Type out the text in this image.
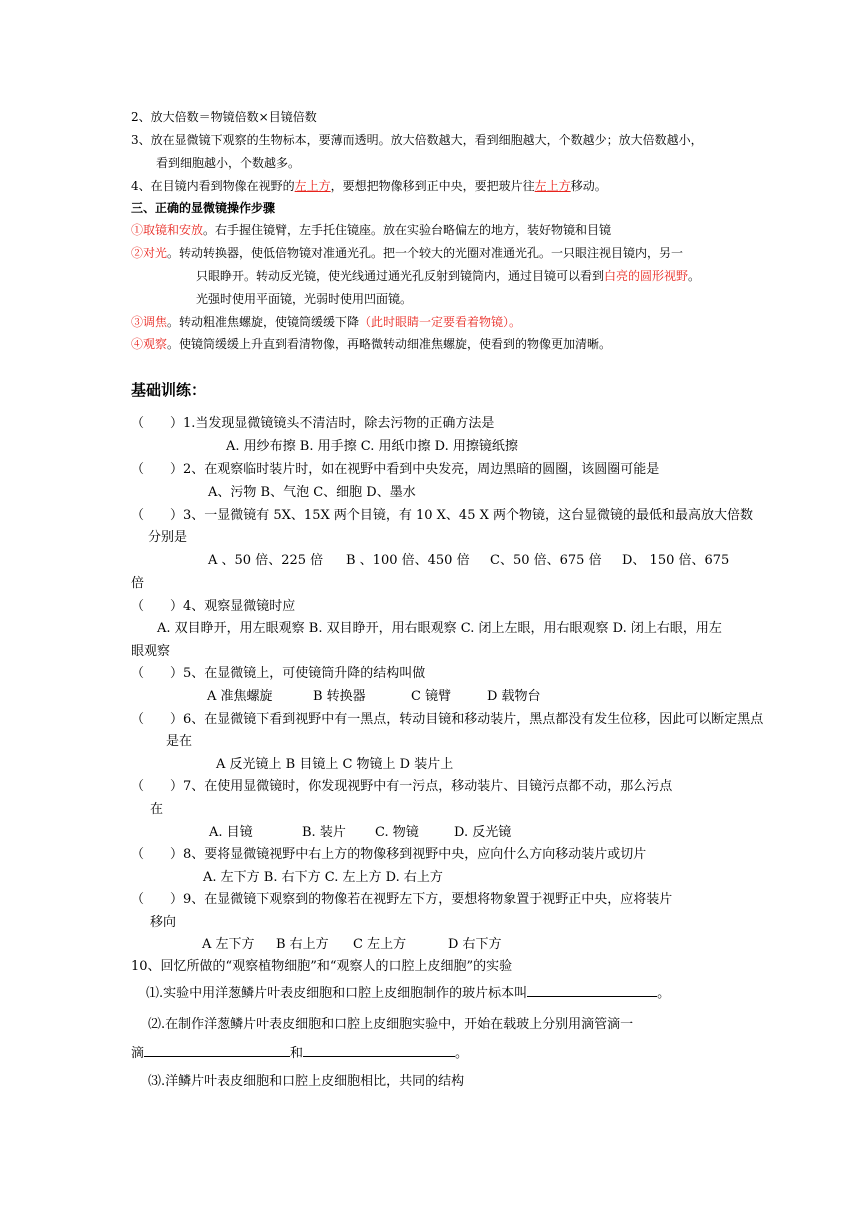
2、放大倍数＝物镜倍数×目镜倍数
3、放在显微镜下观察的生物标本，要薄而透明。放大倍数越大，看到细胞越大，个数越少；放大倍数越小，
看到细胞越小，个数越多。
4、在目镜内看到物像在视野的左上方，要想把物像移到正中央，要把玻片往左上方移动。
三、正确的显微镜操作步骤
①取镜和安放。右手握住镜臂，左手托住镜座。放在实验台略偏左的地方，装好物镜和目镜
②对光。转动转换器，使低倍物镜对准通光孔。把一个较大的光圈对准通光孔。一只眼注视目镜内，另一
只眼睁开。转动反光镜，使光线通过通光孔反射到镜筒内，通过目镜可以看到白亮的圆形视野。
光强时使用平面镜，光弱时使用凹面镜。
③调焦。转动粗准焦螺旋，使镜筒缓缓下降（此时眼睛一定要看着物镜）。
④观察。使镜筒缓缓上升直到看清物像，再略微转动细准焦螺旋，使看到的物像更加清晰。
基础训练：
（　　）1.当发现显微镜镜头不清洁时，除去污物的正确方法是
A. 用纱布擦 B. 用手擦 C. 用纸巾擦 D. 用擦镜纸擦
（　　）2、在观察临时装片时，如在视野中看到中央发亮，周边黑暗的圆圈，该圆圈可能是
A、污物 B、气泡 C、细胞 D、墨水
（　　）3、一显微镜有 5X、15X 两个目镜，有 10 X、45 X 两个物镜，这台显微镜的最低和最高放大倍数
分别是
A 、50 倍、225 倍 B 、100 倍、450 倍 C、50 倍、675 倍 D、 150 倍、675
倍
（　　）4、观察显微镜时应
A. 双目睁开，用左眼观察 B. 双目睁开，用右眼观察 C. 闭上左眼，用右眼观察 D. 闭上右眼，用左
眼观察
（　　）5、在显微镜上，可使镜筒升降的结构叫做
A 准焦螺旋	B 转换器	C 镜臂	D 载物台
（　　）6、在显微镜下看到视野中有一黑点，转动目镜和移动装片，黑点都没有发生位移，因此可以断定黑点
是在
A 反光镜上 B 目镜上 C 物镜上 D 装片上
（　　）7、在使用显微镜时，你发现视野中有一污点，移动装片、目镜污点都不动，那么污点
在
A. 目镜	B. 装片 C. 物镜	D. 反光镜
（　　）8、要将显微镜视野中右上方的物像移到视野中央，应向什么方向移动装片或切片
A. 左下方 B. 右下方 C. 左上方 D. 右上方
（　　）9、在显微镜下观察到的物像若在视野左下方，要想将物象置于视野正中央，应将装片
移向
A 左下方 B 右上方 C 左上方	D 右下方
10、回忆所做的“观察植物细胞”和“观察人的口腔上皮细胞”的实验
⑴.实验中用洋葱鳞片叶表皮细胞和口腔上皮细胞制作的玻片标本叫	。
⑵.在制作洋葱鳞片叶表皮细胞和口腔上皮细胞实验中，开始在载玻上分别用滴管滴一
滴	和	。
⑶.洋鳞片叶表皮细胞和口腔上皮细胞相比，共同的结构
